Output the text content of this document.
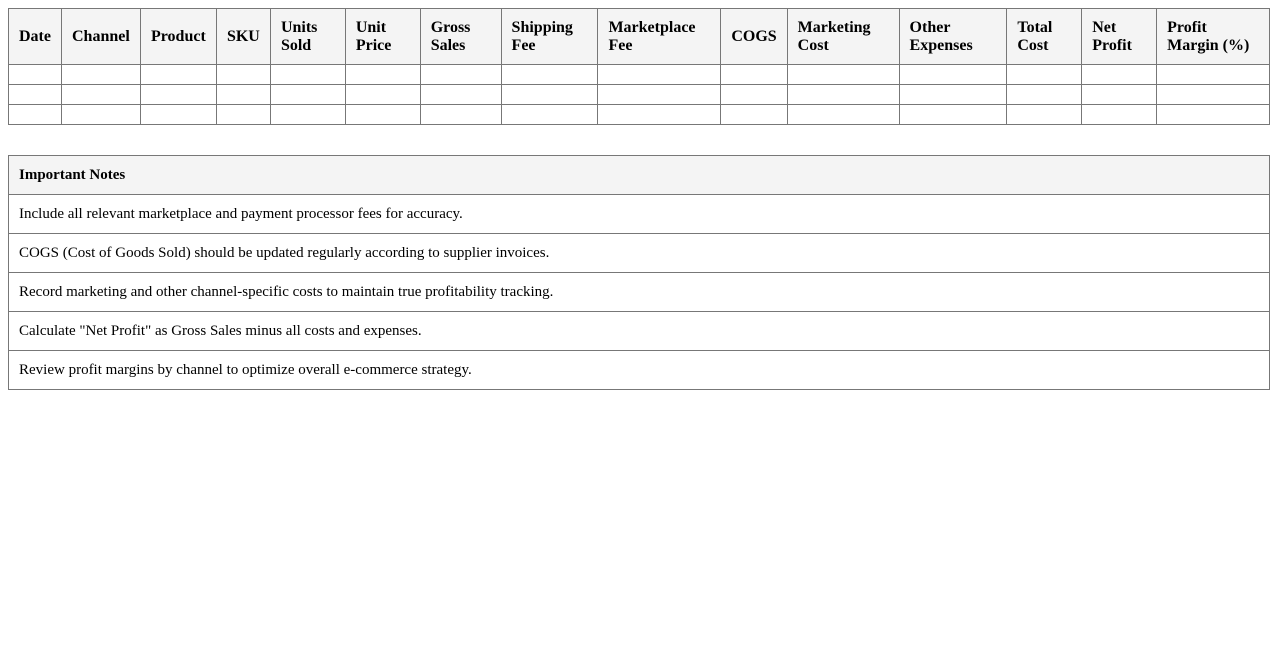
Date	Channel	Product	SKU	Units Sold	Unit Price	Gross Sales	Shipping Fee	Marketplace Fee	COGS	Marketing Cost	Other Expenses	Total Cost	Net Profit	Profit Margin (%)

Important Notes
Include all relevant marketplace and payment processor fees for accuracy.
COGS (Cost of Goods Sold) should be updated regularly according to supplier invoices.
Record marketing and other channel-specific costs to maintain true profitability tracking.
Calculate "Net Profit" as Gross Sales minus all costs and expenses.
Review profit margins by channel to optimize overall e-commerce strategy.
